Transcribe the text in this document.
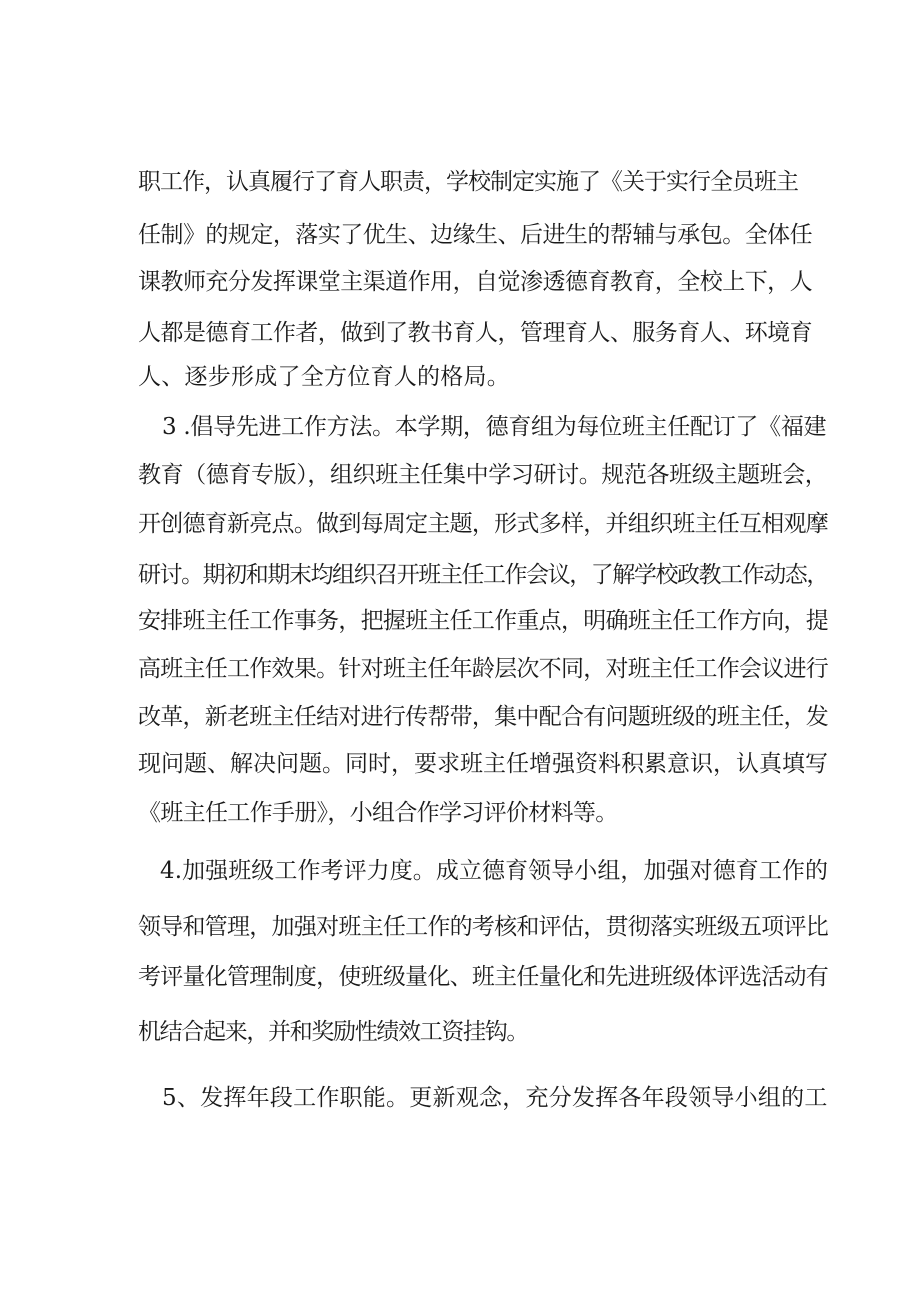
职工作，认真履行了育人职责，学校制定实施了《关于实行全员班主
任制》的规定，落实了优生、边缘生、后进生的帮辅与承包。全体任
课教师充分发挥课堂主渠道作用，自觉渗透德育教育，全校上下，人
人都是德育工作者，做到了教书育人，管理育人、服务育人、环境育
人、逐步形成了全方位育人的格局。
3 .倡导先进工作方法。本学期，德育组为每位班主任配订了《福建
教育（德育专版），组织班主任集中学习研讨。规范各班级主题班会，
开创德育新亮点。做到每周定主题，形式多样，并组织班主任互相观摩
研讨。期初和期末均组织召开班主任工作会议，了解学校政教工作动态，
安排班主任工作事务，把握班主任工作重点，明确班主任工作方向，提
高班主任工作效果。针对班主任年龄层次不同，对班主任工作会议进行
改革，新老班主任结对进行传帮带，集中配合有问题班级的班主任，发
现问题、解决问题。同时，要求班主任增强资料积累意识，认真填写
《班主任工作手册》，小组合作学习评价材料等。
4.加强班级工作考评力度。成立德育领导小组，加强对德育工作的
领导和管理，加强对班主任工作的考核和评估，贯彻落实班级五项评比
考评量化管理制度，使班级量化、班主任量化和先进班级体评选活动有
机结合起来，并和奖励性绩效工资挂钩。
5、发挥年段工作职能。更新观念，充分发挥各年段领导小组的工
